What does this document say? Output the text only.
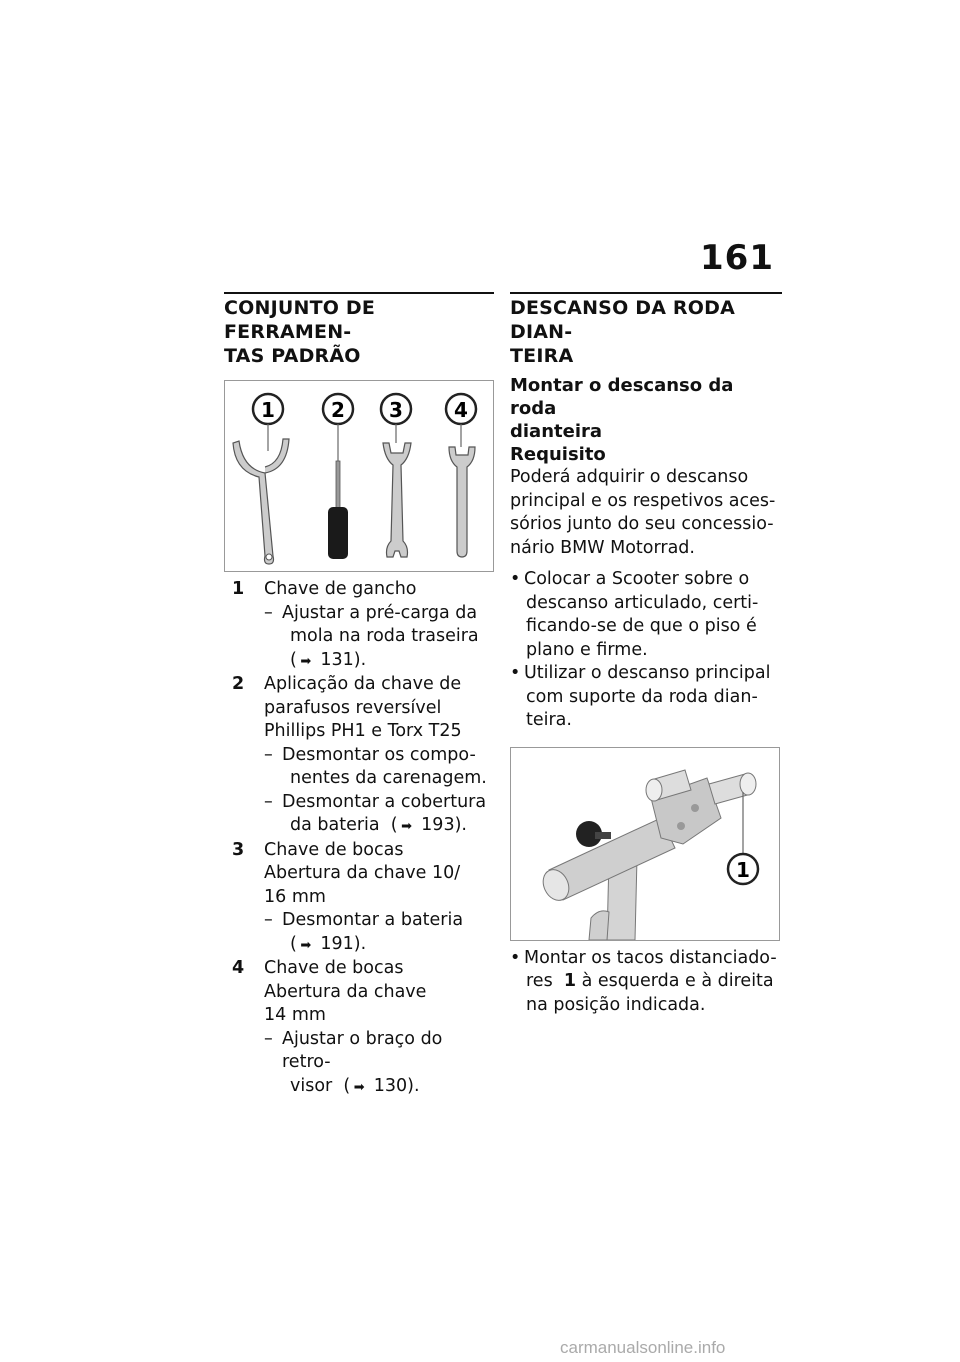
161
CONJUNTO DE FERRAMEN-
TAS PADRÃO
1	2 3	4
1 Chave de gancho
– Ajustar a pré-carga da
mola na roda traseira
( ➡ 131).
2 Aplicação da chave de
parafusos reversível
Phillips PH1 e Torx T25
– Desmontar os compo-
nentes da carenagem.
– Desmontar a cobertura
da bateria  ( ➡ 193).
3 Chave de bocas
Abertura da chave 10/
16 mm
– Desmontar a bateria
( ➡ 191).
4 Chave de bocas
Abertura da chave
14 mm
– Ajustar o braço do retro-
visor  ( ➡ 130).
DESCANSO DA RODA DIAN-
TEIRA
Montar o descanso da roda
dianteira
Requisito

Poderá adquirir o descanso
principal e os respetivos aces-
sórios junto do seu concessio-
nário BMW Motorrad.

• Colocar a Scooter sobre o
descanso articulado, certi-
ficando-se de que o piso é
plano e firme.
• Utilizar o descanso principal
com suporte da roda dian-
teira.
1
• Montar os tacos distanciado-
res 1 à esquerda e à direita
na posição indicada.
carmanualsonline.info
